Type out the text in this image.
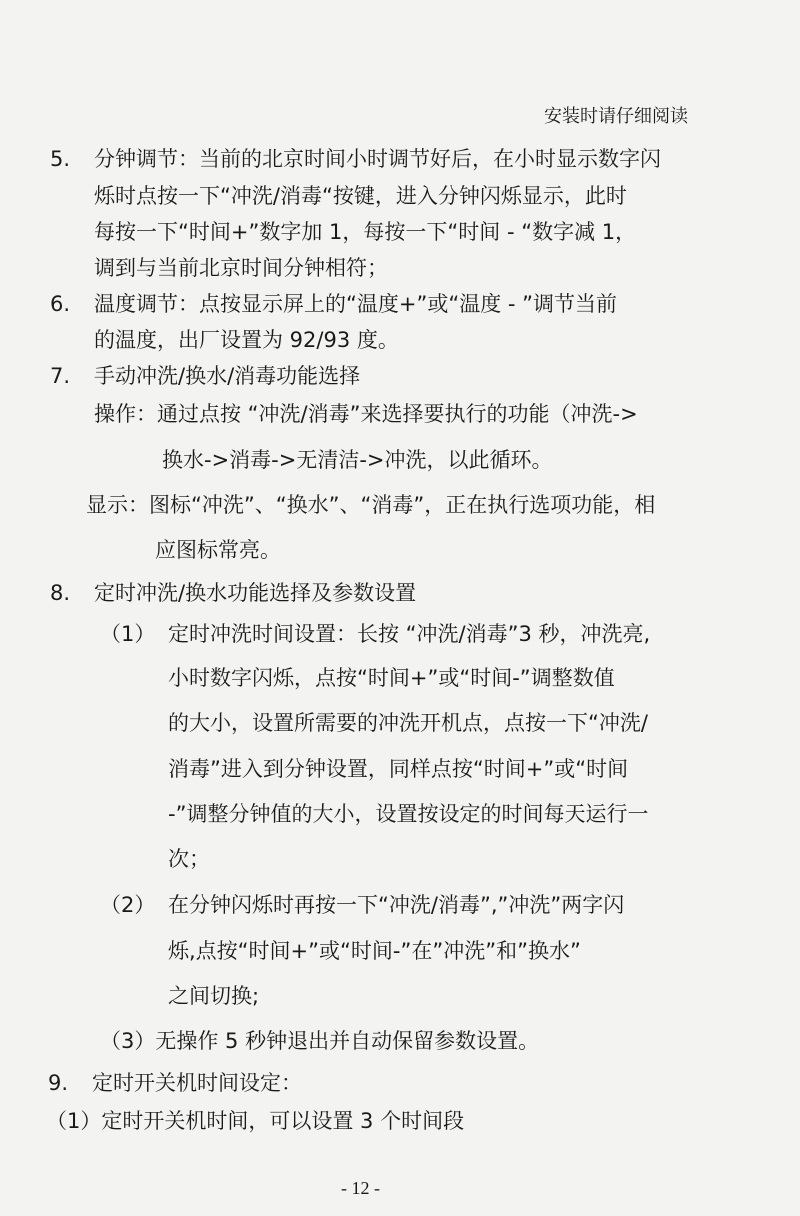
安装时请仔细阅读
5. 分钟调节：当前的北京时间小时调节好后，在小时显示数字闪
烁时点按一下“冲洗/消毒“按键，进入分钟闪烁显示，此时
每按一下“时间+”数字加 1，每按一下“时间 - “数字减 1，
调到与当前北京时间分钟相符；
6. 温度调节：点按显示屏上的“温度+”或“温度 - ”调节当前
的温度，出厂设置为 92/93 度。
7. 手动冲洗/换水/消毒功能选择
操作：通过点按 “冲洗/消毒”来选择要执行的功能（冲洗->
换水->消毒->无清洁->冲洗，以此循环。
显示：图标“冲洗”、“换水”、“消毒”，正在执行选项功能，相
应图标常亮。
8. 定时冲洗/换水功能选择及参数设置
（1） 定时冲洗时间设置：长按 “冲洗/消毒”3 秒，冲洗亮,
小时数字闪烁，点按“时间+”或“时间-”调整数值
的大小，设置所需要的冲洗开机点，点按一下“冲洗/
消毒”进入到分钟设置，同样点按“时间+”或“时间
-”调整分钟值的大小，设置按设定的时间每天运行一
次；
（2） 在分钟闪烁时再按一下“冲洗/消毒”,”冲洗”两字闪
烁,点按“时间+”或“时间-”在”冲洗”和”换水”
之间切换;
（3）无操作 5 秒钟退出并自动保留参数设置。
9. 定时开关机时间设定：
（1）定时开关机时间，可以设置 3 个时间段
- 12 -
